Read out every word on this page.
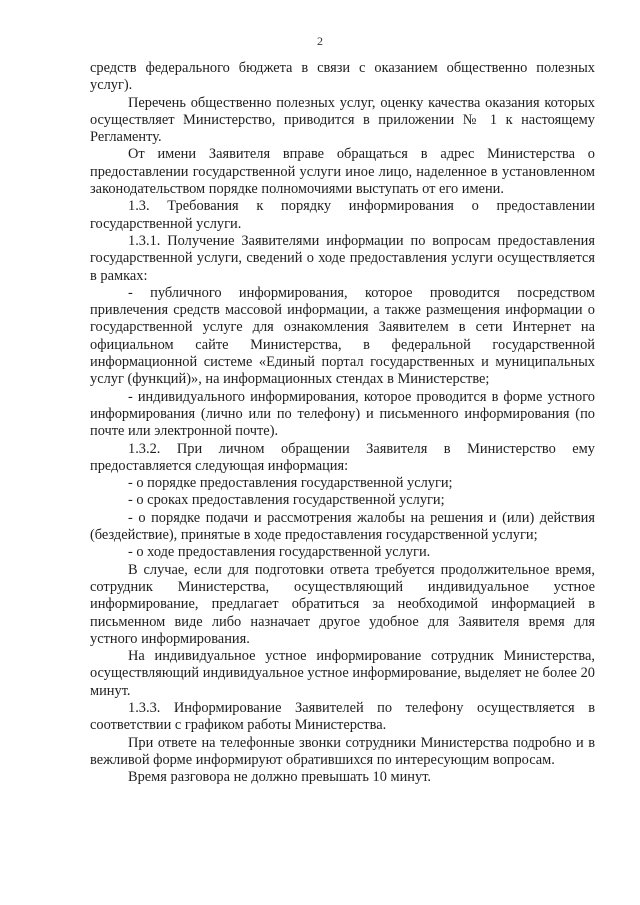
2

средств федерального бюджета в связи с оказанием общественно полезных услуг).

Перечень общественно полезных услуг, оценку качества оказания которых осуществляет Министерство, приводится в приложении № 1 к настоящему Регламенту.

От имени Заявителя вправе обращаться в адрес Министерства о предоставлении государственной услуги иное лицо, наделенное в установленном законодательством порядке полномочиями выступать от его имени.

1.3. Требования к порядку информирования о предоставлении государственной услуги.

1.3.1. Получение Заявителями информации по вопросам предоставления государственной услуги, сведений о ходе предоставления услуги осуществляется в рамках:

- публичного информирования, которое проводится посредством привлечения средств массовой информации, а также размещения информации о государственной услуге для ознакомления Заявителем в сети Интернет на официальном сайте Министерства, в федеральной государственной информационной системе «Единый портал государственных и муниципальных услуг (функций)», на информационных стендах в Министерстве;

- индивидуального информирования, которое проводится в форме устного информирования (лично или по телефону) и письменного информирования (по почте или электронной почте).

1.3.2. При личном обращении Заявителя в Министерство ему предоставляется следующая информация:

- о порядке предоставления государственной услуги;

- о сроках предоставления государственной услуги;

- о порядке подачи и рассмотрения жалобы на решения и (или) действия (бездействие), принятые в ходе предоставления государственной услуги;

- о ходе предоставления государственной услуги.

В случае, если для подготовки ответа требуется продолжительное время, сотрудник Министерства, осуществляющий индивидуальное устное информирование, предлагает обратиться за необходимой информацией в письменном виде либо назначает другое удобное для Заявителя время для устного информирования.

На индивидуальное устное информирование сотрудник Министерства, осуществляющий индивидуальное устное информирование, выделяет не более 20 минут.

1.3.3. Информирование Заявителей по телефону осуществляется в соответствии с графиком работы Министерства.

При ответе на телефонные звонки сотрудники Министерства подробно и в вежливой форме информируют обратившихся по интересующим вопросам.

Время разговора не должно превышать 10 минут.
